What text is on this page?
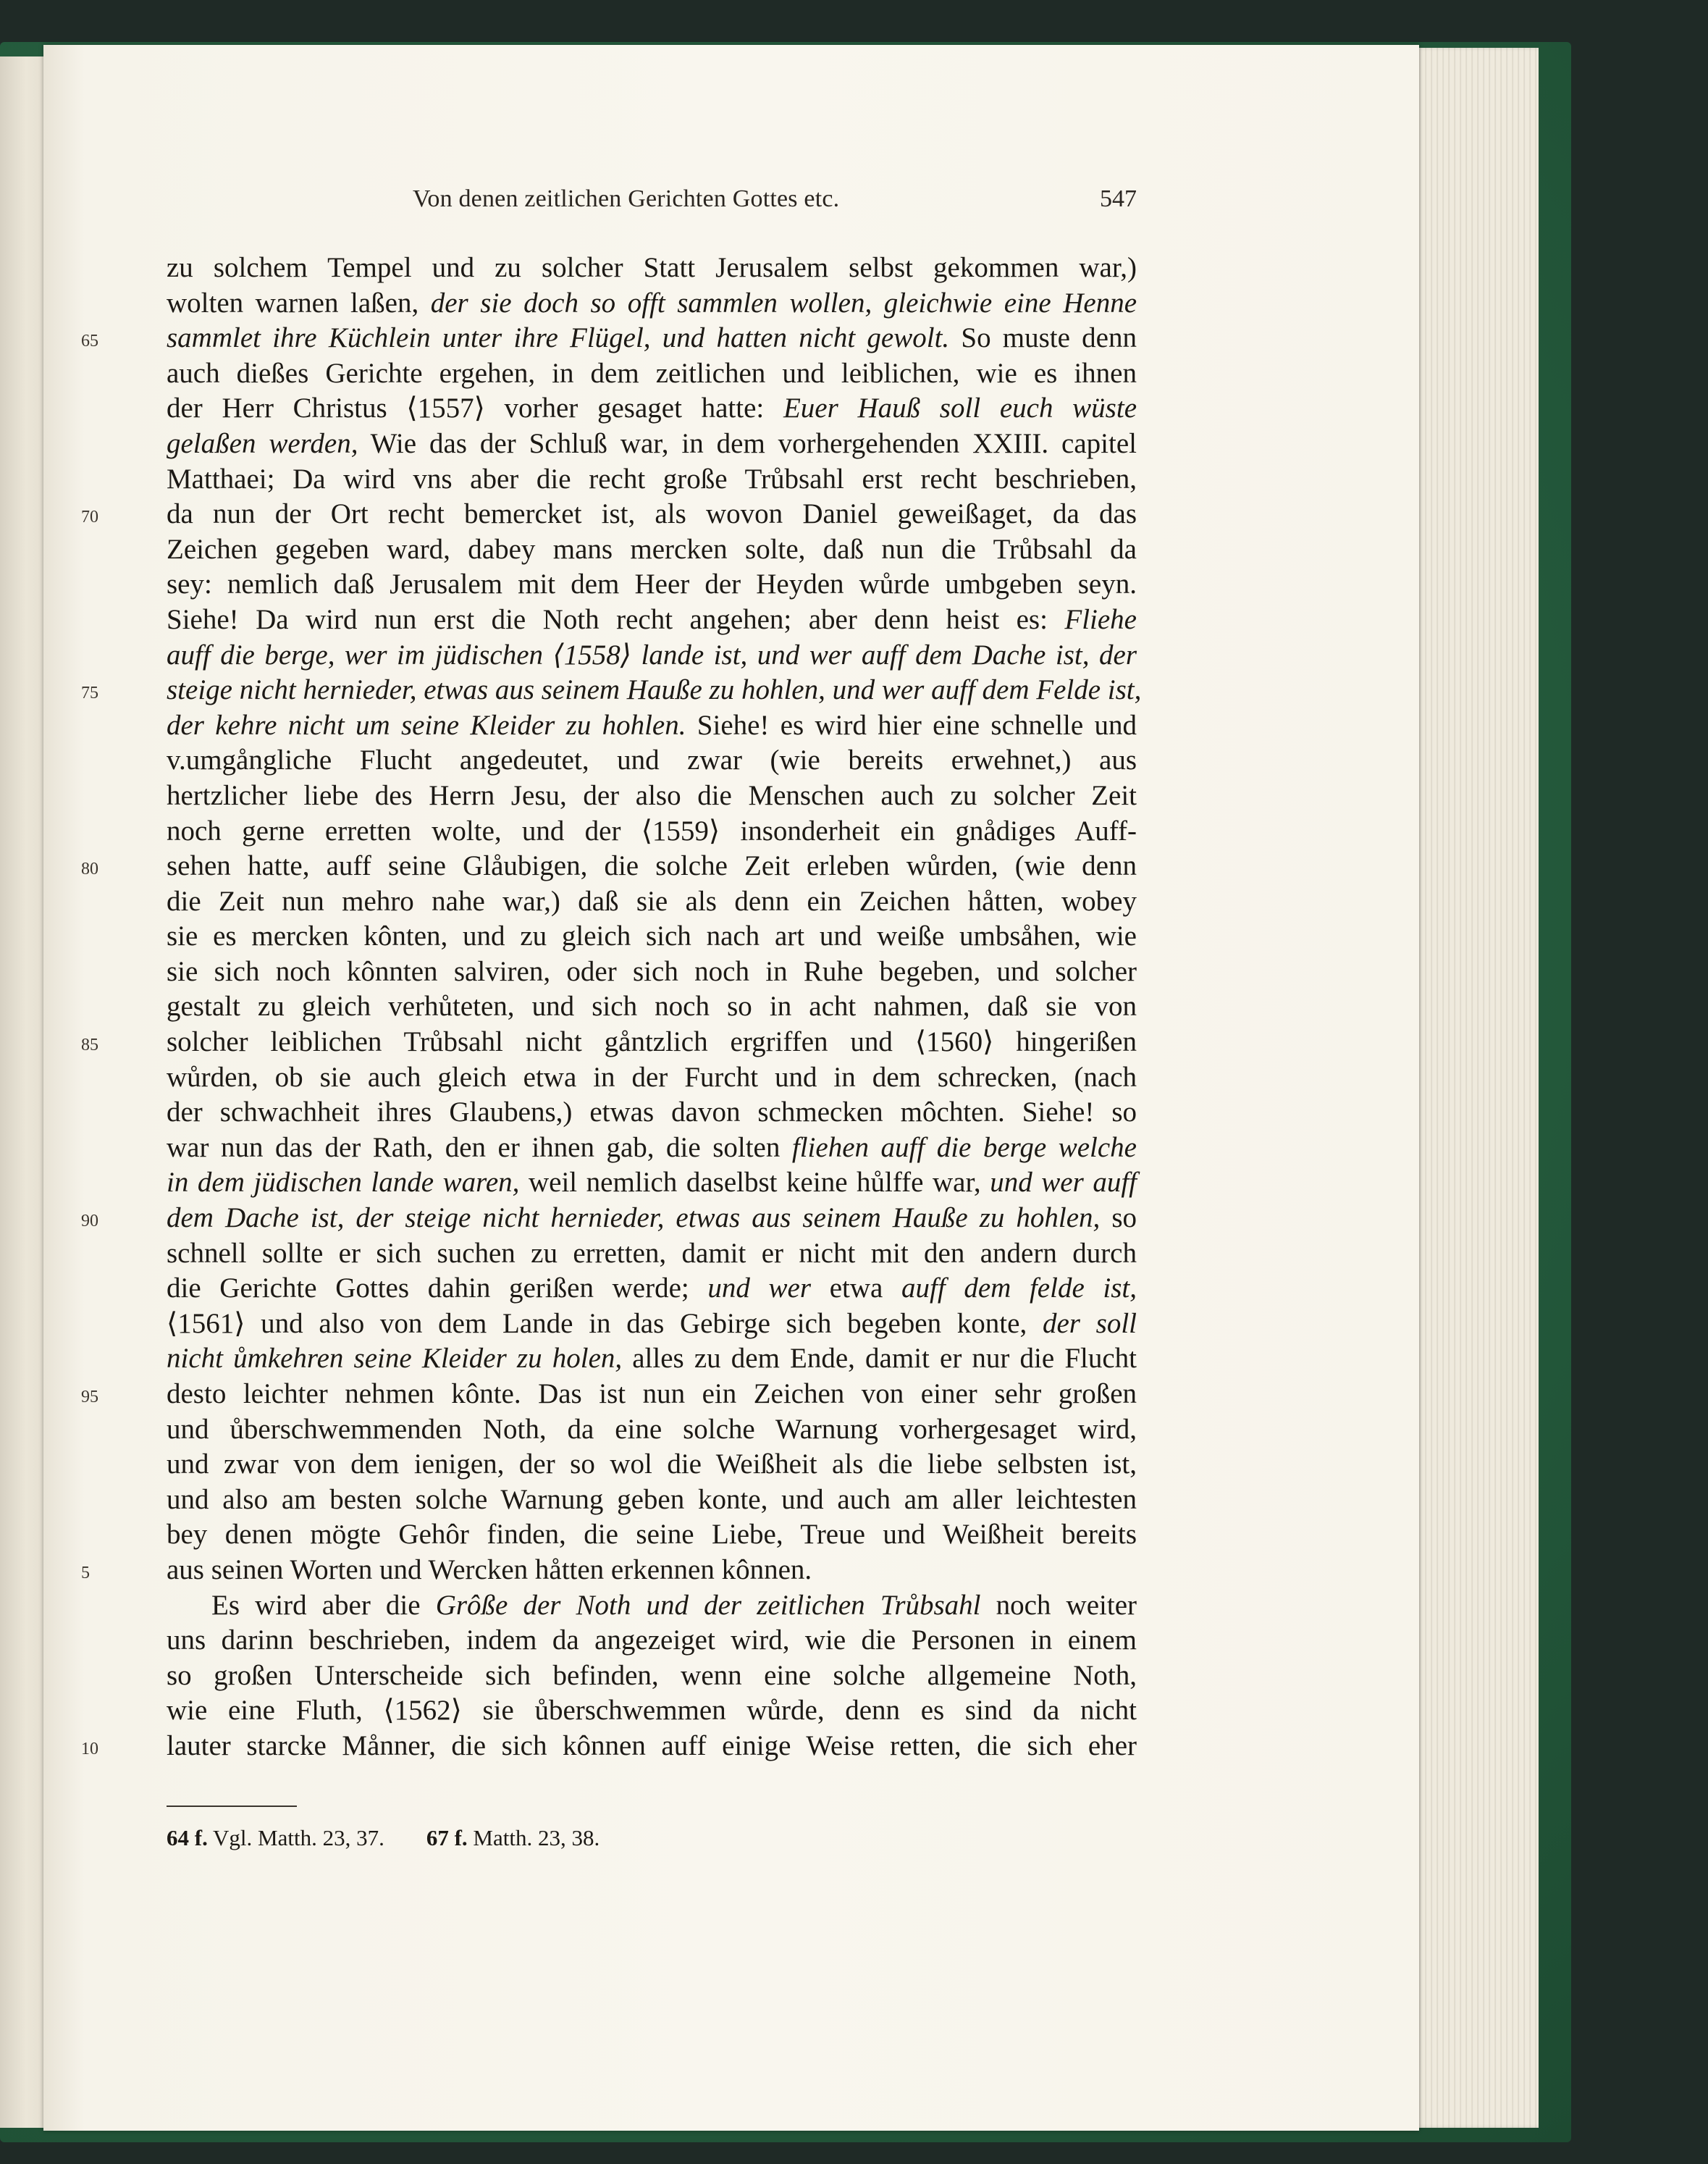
Von denen zeitlichen Gerichten Gottes etc.	547
zu solchem Tempel und zu solcher Statt Jerusalem selbst gekommen war,)
wolten warnen laßen, der sie doch so offt sammlen wollen, gleichwie eine Henne
65	sammlet ihre Küchlein unter ihre Flügel, und hatten nicht gewolt. So muste denn
auch dießes Gerichte ergehen, in dem zeitlichen und leiblichen, wie es ihnen
der Herr Christus ⟨1557⟩ vorher gesaget hatte: Euer Hauß soll euch wüste
gelaßen werden, Wie das der Schluß war, in dem vorhergehenden XXIII. capitel
Matthaei; Da wird vns aber die recht große Trůbsahl erst recht beschrieben,
70	da nun der Ort recht bemercket ist, als wovon Daniel geweißaget, da das
Zeichen gegeben ward, dabey mans mercken solte, daß nun die Trůbsahl da
sey: nemlich daß Jerusalem mit dem Heer der Heyden wůrde umbgeben seyn.
Siehe! Da wird nun erst die Noth recht angehen; aber denn heist es: Fliehe
auff die berge, wer im jüdischen ⟨1558⟩ lande ist, und wer auff dem Dache ist, der
75	steige nicht hernieder, etwas aus seinem Hauße zu hohlen, und wer auff dem Felde ist,
der kehre nicht um seine Kleider zu hohlen. Siehe! es wird hier eine schnelle und
v.umgångliche Flucht angedeutet, und zwar (wie bereits erwehnet,) aus
hertzlicher liebe des Herrn Jesu, der also die Menschen auch zu solcher Zeit
noch gerne erretten wolte, und der ⟨1559⟩ insonderheit ein gnådiges Auff-
80	sehen hatte, auff seine Glåubigen, die solche Zeit erleben wůrden, (wie denn
die Zeit nun mehro nahe war,) daß sie als denn ein Zeichen håtten, wobey
sie es mercken kônten, und zu gleich sich nach art und weiße umbsåhen, wie
sie sich noch kônnten salviren, oder sich noch in Ruhe begeben, und solcher
gestalt zu gleich verhůteten, und sich noch so in acht nahmen, daß sie von
85	solcher leiblichen Trůbsahl nicht gåntzlich ergriffen und ⟨1560⟩ hingerißen
wůrden, ob sie auch gleich etwa in der Furcht und in dem schrecken, (nach
der schwachheit ihres Glaubens,) etwas davon schmecken môchten. Siehe! so
war nun das der Rath, den er ihnen gab, die solten fliehen auff die berge welche
in dem jüdischen lande waren, weil nemlich daselbst keine hůlffe war, und wer auff
90	dem Dache ist, der steige nicht hernieder, etwas aus seinem Hauße zu hohlen, so
schnell sollte er sich suchen zu erretten, damit er nicht mit den andern durch
die Gerichte Gottes dahin gerißen werde; und wer etwa auff dem felde ist,
⟨1561⟩ und also von dem Lande in das Gebirge sich begeben konte, der soll
nicht ůmkehren seine Kleider zu holen, alles zu dem Ende, damit er nur die Flucht
95	desto leichter nehmen kônte. Das ist nun ein Zeichen von einer sehr großen
und ůberschwemmenden Noth, da eine solche Warnung vorhergesaget wird,
und zwar von dem ienigen, der so wol die Weißheit als die liebe selbsten ist,
und also am besten solche Warnung geben konte, und auch am aller leichtesten
bey denen mögte Gehôr finden, die seine Liebe, Treue und Weißheit bereits
5	aus seinen Worten und Wercken håtten erkennen kônnen.
Es wird aber die Grôße der Noth und der zeitlichen Trůbsahl noch weiter
uns darinn beschrieben, indem da angezeiget wird, wie die Personen in einem
so großen Unterscheide sich befinden, wenn eine solche allgemeine Noth,
wie eine Fluth, ⟨1562⟩ sie ůberschwemmen wůrde, denn es sind da nicht
10	lauter starcke Månner, die sich kônnen auff einige Weise retten, die sich eher
64 f. Vgl. Matth. 23, 37. 67 f. Matth. 23, 38.
